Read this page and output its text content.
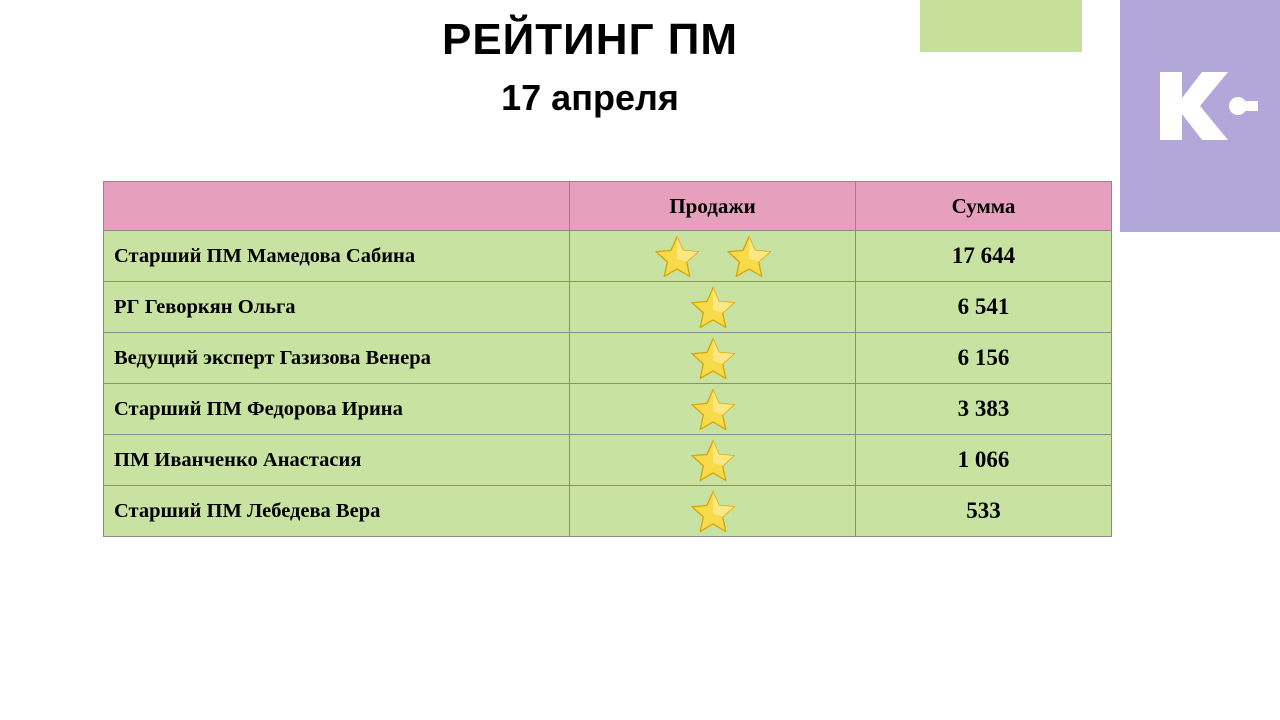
РЕЙТИНГ ПМ
17 апреля
	Продажи	Сумма
Старший ПМ Мамедова Сабина		17 644
РГ Геворкян Ольга		6 541
Ведущий эксперт Газизова Венера		6 156
Старший ПМ Федорова Ирина		3 383
ПМ Иванченко Анастасия		1 066
Старший ПМ Лебедева Вера		533
